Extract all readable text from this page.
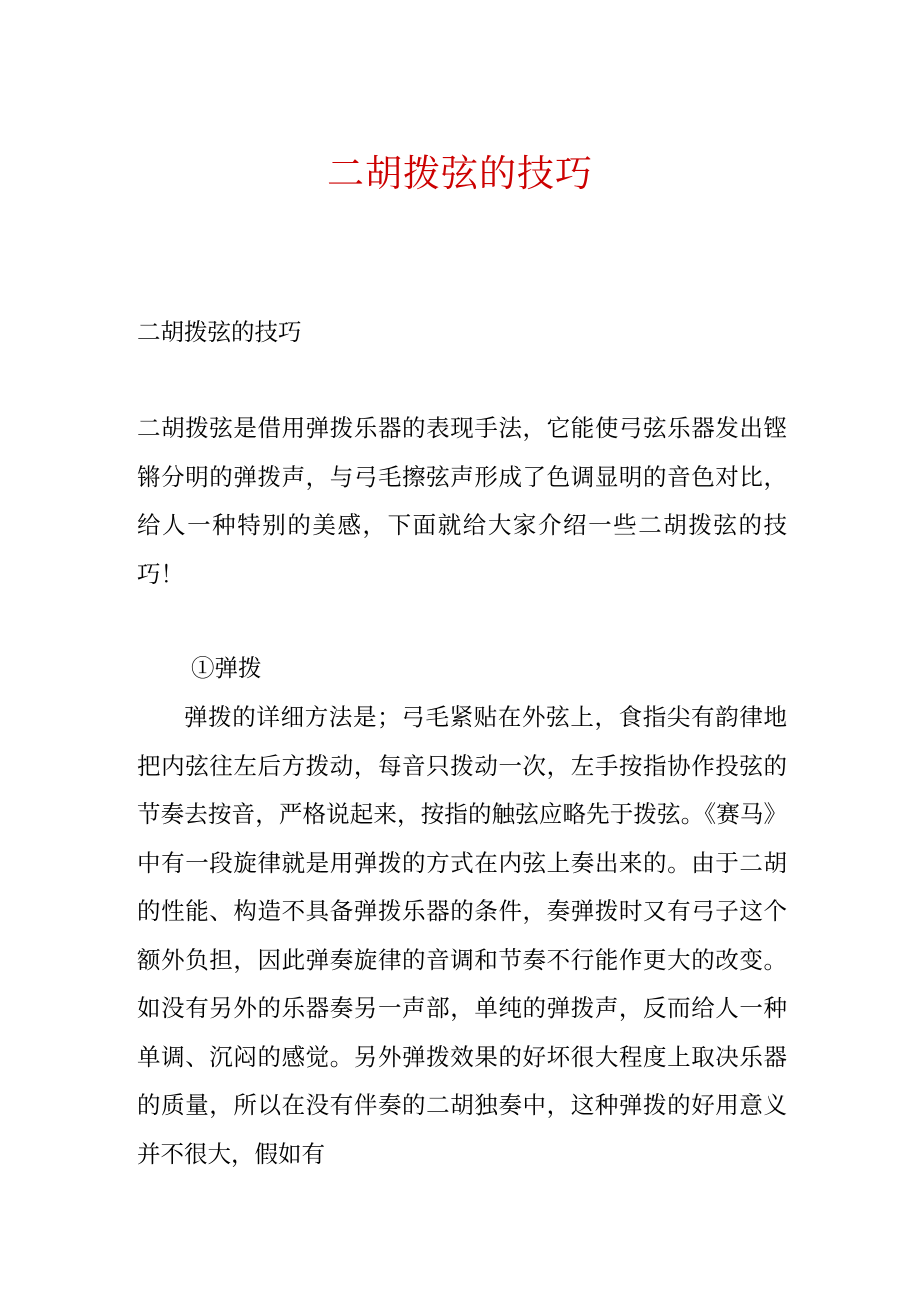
二胡拨弦的技巧
二胡拨弦的技巧

二胡拨弦是借用弹拨乐器的表现手法，它能使弓弦乐器发出铿锵分明的弹拨声，与弓毛擦弦声形成了色调显明的音色对比，给人一种特别的美感，下面就给大家介绍一些二胡拨弦的技巧！

①弹拨

弹拨的详细方法是；弓毛紧贴在外弦上，食指尖有韵律地把内弦往左后方拨动，每音只拨动一次，左手按指协作投弦的节奏去按音，严格说起来，按指的触弦应略先于拨弦。《赛马》中有一段旋律就是用弹拨的方式在内弦上奏出来的。由于二胡的性能、构造不具备弹拨乐器的条件，奏弹拨时又有弓子这个额外负担，因此弹奏旋律的音调和节奏不行能作更大的改变。如没有另外的乐器奏另一声部，单纯的弹拨声，反而给人一种单调、沉闷的感觉。另外弹拨效果的好坏很大程度上取决乐器的质量，所以在没有伴奏的二胡独奏中，这种弹拨的好用意义并不很大，假如有
